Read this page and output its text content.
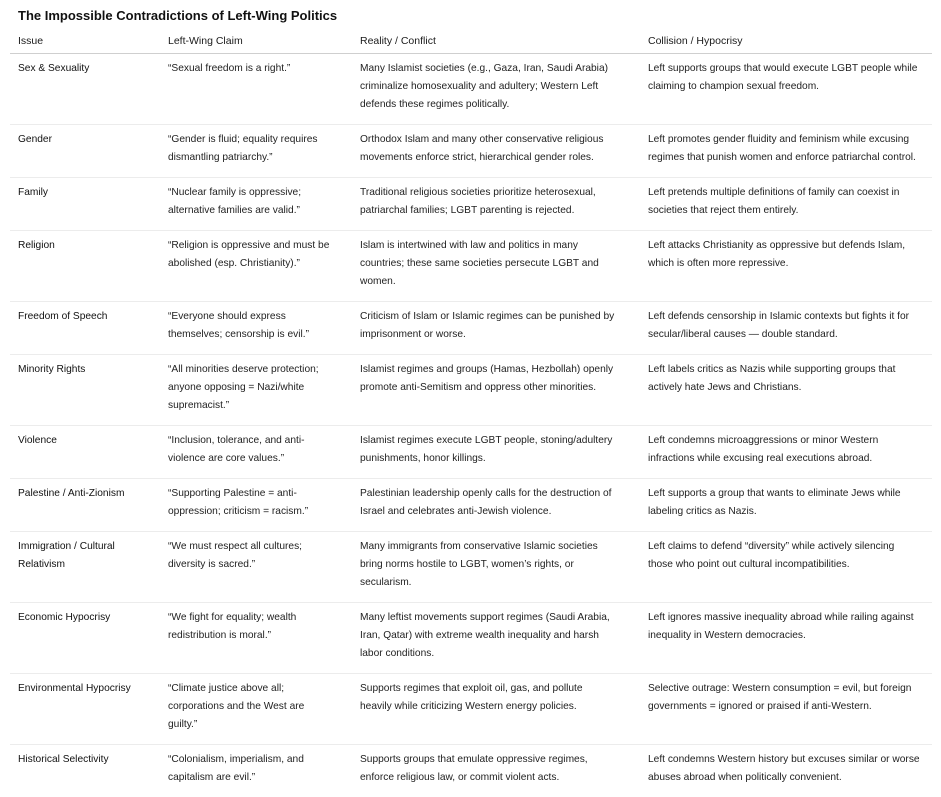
The Impossible Contradictions of Left-Wing Politics
Issue	Left-Wing Claim	Reality / Conflict	Collision / Hypocrisy

Sex & Sexuality	“Sexual freedom is a right.”	Many Islamist societies (e.g., Gaza, Iran, Saudi Arabia)
criminalize homosexuality and adultery; Western Left
defends these regimes politically.	Left supports groups that would execute LGBT people while
claiming to champion sexual freedom.

Gender	“Gender is fluid; equality requires
dismantling patriarchy.”	Orthodox Islam and many other conservative religious
movements enforce strict, hierarchical gender roles.	Left promotes gender fluidity and feminism while excusing
regimes that punish women and enforce patriarchal control.

Family	“Nuclear family is oppressive;
alternative families are valid.”	Traditional religious societies prioritize heterosexual,
patriarchal families; LGBT parenting is rejected.	Left pretends multiple definitions of family can coexist in
societies that reject them entirely.

Religion	“Religion is oppressive and must be
abolished (esp. Christianity).”	Islam is intertwined with law and politics in many
countries; these same societies persecute LGBT and
women.	Left attacks Christianity as oppressive but defends Islam,
which is often more repressive.

Freedom of Speech	“Everyone should express
themselves; censorship is evil.”	Criticism of Islam or Islamic regimes can be punished by
imprisonment or worse.	Left defends censorship in Islamic contexts but fights it for
secular/liberal causes — double standard.

Minority Rights	“All minorities deserve protection;
anyone opposing = Nazi/white
supremacist.”	Islamist regimes and groups (Hamas, Hezbollah) openly
promote anti-Semitism and oppress other minorities.	Left labels critics as Nazis while supporting groups that
actively hate Jews and Christians.

Violence	“Inclusion, tolerance, and anti-
violence are core values.”	Islamist regimes execute LGBT people, stoning/adultery
punishments, honor killings.	Left condemns microaggressions or minor Western
infractions while excusing real executions abroad.

Palestine / Anti-Zionism	“Supporting Palestine = anti-
oppression; criticism = racism.”	Palestinian leadership openly calls for the destruction of
Israel and celebrates anti-Jewish violence.	Left supports a group that wants to eliminate Jews while
labeling critics as Nazis.

Immigration / Cultural
Relativism	“We must respect all cultures;
diversity is sacred.”	Many immigrants from conservative Islamic societies
bring norms hostile to LGBT, women’s rights, or
secularism.	Left claims to defend “diversity” while actively silencing
those who point out cultural incompatibilities.

Economic Hypocrisy	“We fight for equality; wealth
redistribution is moral.”	Many leftist movements support regimes (Saudi Arabia,
Iran, Qatar) with extreme wealth inequality and harsh
labor conditions.	Left ignores massive inequality abroad while railing against
inequality in Western democracies.

Environmental Hypocrisy	“Climate justice above all;
corporations and the West are
guilty.”	Supports regimes that exploit oil, gas, and pollute
heavily while criticizing Western energy policies.	Selective outrage: Western consumption = evil, but foreign
governments = ignored or praised if anti-Western.

Historical Selectivity	“Colonialism, imperialism, and
capitalism are evil.”	Supports groups that emulate oppressive regimes,
enforce religious law, or commit violent acts.	Left condemns Western history but excuses similar or worse
abuses abroad when politically convenient.
